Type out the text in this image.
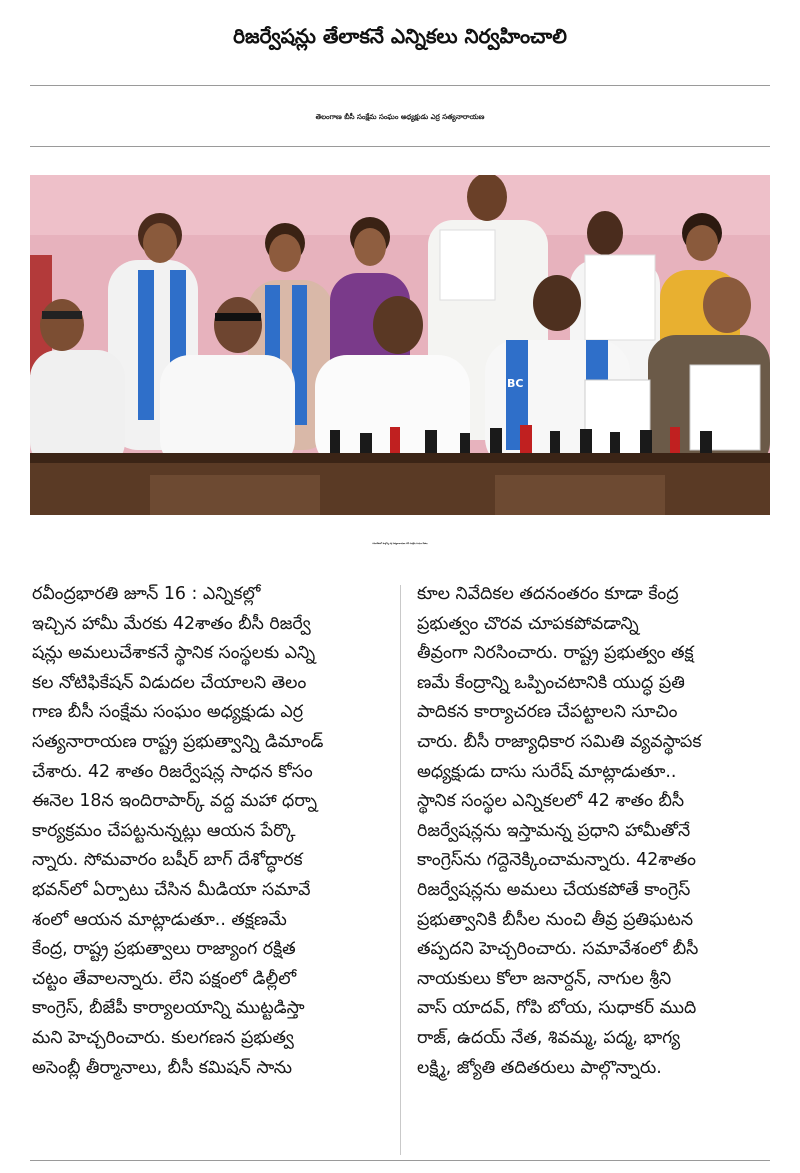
రిజర్వేషన్లు తేలాకనే ఎన్నికలు నిర్వహించాలి
తెలంగాణ బీసీ సంక్షేమ సంఘం అధ్యక్షుడు ఎర్ర సత్యనారాయణ
BC
సమావేశంలో పాల్గొన్న ఎర్ర సత్యనారాయణ, బీసీ సంక్షేమ సంఘం నేతలు
రవీంద్రభారతి జూన్ 16 : ఎన్నికల్లో
ఇచ్చిన హామీ మేరకు 42శాతం బీసీ రిజర్వే
షన్లు అమలుచేశాకనే స్థానిక సంస్థలకు ఎన్ని
కల నోటిఫికేషన్ విడుదల చేయాలని తెలం
గాణ బీసీ సంక్షేమ సంఘం అధ్యక్షుడు ఎర్ర
సత్యనారాయణ రాష్ట్ర ప్రభుత్వాన్ని డిమాండ్
చేశారు. 42 శాతం రిజర్వేషన్ల సాధన కోసం
ఈనెల 18న ఇందిరాపార్క్ వద్ద మహా ధర్నా
కార్యక్రమం చేపట్టనున్నట్లు ఆయన పేర్కొ
న్నారు. సోమవారం బషీర్ బాగ్ దేశోద్ధారక
భవన్‌లో ఏర్పాటు చేసిన మీడియా సమావే
శంలో ఆయన మాట్లాడుతూ.. తక్షణమే
కేంద్ర, రాష్ట్ర ప్రభుత్వాలు రాజ్యాంగ రక్షిత
చట్టం తేవాలన్నారు. లేని పక్షంలో డిల్లీలో
కాంగ్రెస్, బీజేపీ కార్యాలయాన్ని ముట్టడిస్తా
మని హెచ్చరించారు. కులగణన ప్రభుత్వ
అసెంబ్లీ తీర్మానాలు, బీసీ కమిషన్ సాను
కూల నివేదికల తదనంతరం కూడా కేంద్ర
ప్రభుత్వం చొరవ చూపకపోవడాన్ని
తీవ్రంగా నిరసించారు. రాష్ట్ర ప్రభుత్వం తక్ష
ణమే కేంద్రాన్ని ఒప్పించటానికి యుద్ధ ప్రతి
పాదికన కార్యాచరణ చేపట్టాలని సూచిం
చారు. బీసీ రాజ్యాధికార సమితి వ్యవస్థాపక
అధ్యక్షుడు దాసు సురేష్ మాట్లాడుతూ..
స్థానిక సంస్థల ఎన్నికలలో 42 శాతం బీసీ
రిజర్వేషన్లను ఇస్తామన్న ప్రధాని హామీతోనే
కాంగ్రెస్‌ను గద్దెనెక్కించామన్నారు. 42శాతం
రిజర్వేషన్లను అమలు చేయకపోతే కాంగ్రెస్
ప్రభుత్వానికి బీసీల నుంచి తీవ్ర ప్రతిఘటన
తప్పదని హెచ్చరించారు. సమావేశంలో బీసీ
నాయకులు కోలా జనార్దన్, నాగుల శ్రీని
వాస్ యాదవ్, గోపి బోయ, సుధాకర్ ముది
రాజ్, ఉదయ్ నేత, శివమ్మ, పద్మ, భాగ్య
లక్ష్మి, జ్యోతి తదితరులు పాల్గొన్నారు.
